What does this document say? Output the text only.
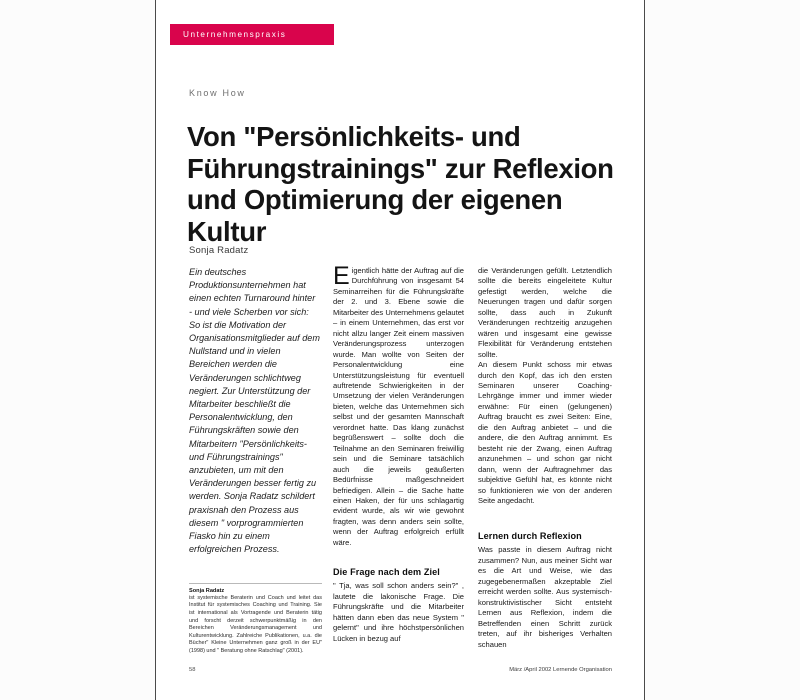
Unternehmenspraxis
Know How
Von "Persönlichkeits- und Führungstrainings" zur Reflexion und Optimierung der eigenen Kultur
Sonja Radatz

Ein deutsches Produktionsunternehmen hat einen echten Turnaround hinter - und viele Scherben vor sich: So ist die Motivation der Organisationsmitglieder auf dem Nullstand und in vielen Bereichen werden die Veränderungen schlichtweg negiert. Zur Unterstützung der Mitarbeiter beschließt die Personalentwicklung, den Führungskräften sowie den Mitarbeitern "Persönlichkeits- und Führungstrainings" anzubieten, um mit den Veränderungen besser fertig zu werden. Sonja Radatz schildert praxisnah den Prozess aus diesem " vorprogrammierten Fiasko hin zu einem erfolgreichen Prozess.

Eigentlich hätte der Auftrag auf die Durchführung von insgesamt 54 Seminarreihen für die Führungskräfte der 2. und 3. Ebene sowie die Mitarbeiter des Unternehmens gelautet – in einem Unternehmen, das erst vor nicht allzu langer Zeit einem massiven Veränderungsprozess unterzogen wurde. Man wollte von Seiten der Personalentwicklung eine Unterstützungsleistung für eventuell auftretende Schwierigkeiten in der Umsetzung der vielen Veränderungen bieten, welche das Unternehmen sich selbst und der gesamten Mannschaft verordnet hatte. Das klang zunächst begrüßenswert – sollte doch die Teilnahme an den Seminaren freiwillig sein und die Seminare tatsächlich auch die jeweils geäußerten Bedürfnisse maßgeschneidert befriedigen. Allein – die Sache hatte einen Haken, der für uns schlagartig evident wurde, als wir wie gewohnt fragten, was denn anders sein sollte, wenn der Auftrag erfolgreich erfüllt wäre.

Die Frage nach dem Ziel

" Tja, was soll schon anders sein?" , lautete die lakonische Frage. Die Führungskräfte und die Mitarbeiter hätten dann eben das neue System " gelernt" und ihre höchstpersönlichen Lücken in bezug auf

die Veränderungen gefüllt. Letztendlich sollte die bereits eingeleitete Kultur gefestigt werden, welche die Neuerungen tragen und dafür sorgen sollte, dass auch in Zukunft Veränderungen rechtzeitig anzugehen wären und insgesamt eine gewisse Flexibilität für Veränderung entstehen sollte.

An diesem Punkt schoss mir etwas durch den Kopf, das ich den ersten Seminaren unserer Coaching-Lehrgänge immer und immer wieder erwähne: Für einen (gelungenen) Auftrag braucht es zwei Seiten: Eine, die den Auftrag anbietet – und die andere, die den Auftrag annimmt. Es besteht nie der Zwang, einen Auftrag anzunehmen – und schon gar nicht dann, wenn der Auftragnehmer das subjektive Gefühl hat, es könnte nicht so funktionieren wie von der anderen Seite angedacht.

Lernen durch Reflexion

Was passte in diesem Auftrag nicht zusammen? Nun, aus meiner Sicht war es die Art und Weise, wie das zugegebenermaßen akzeptable Ziel erreicht werden sollte. Aus systemisch-konstruktivistischer Sicht entsteht Lernen aus Reflexion, indem die Betreffenden einen Schritt zurück treten, auf ihr bisheriges Verhalten schauen

Sonja Radatz

ist systemische Beraterin und Coach und leitet das Institut für systemisches Coaching und Training. Sie ist international als Vortragende und Beraterin tätig und forscht derzeit schwerpunktmäßig in den Bereichen Veränderungsmanagement und Kulturentwicklung. Zahlreiche Publikationen, u.a. die Bücher" Kleine Unternehmen ganz groß in der EU" (1998) und " Beratung ohne Ratschlag" (2001).

58	März /April 2002 Lernende Organisation
